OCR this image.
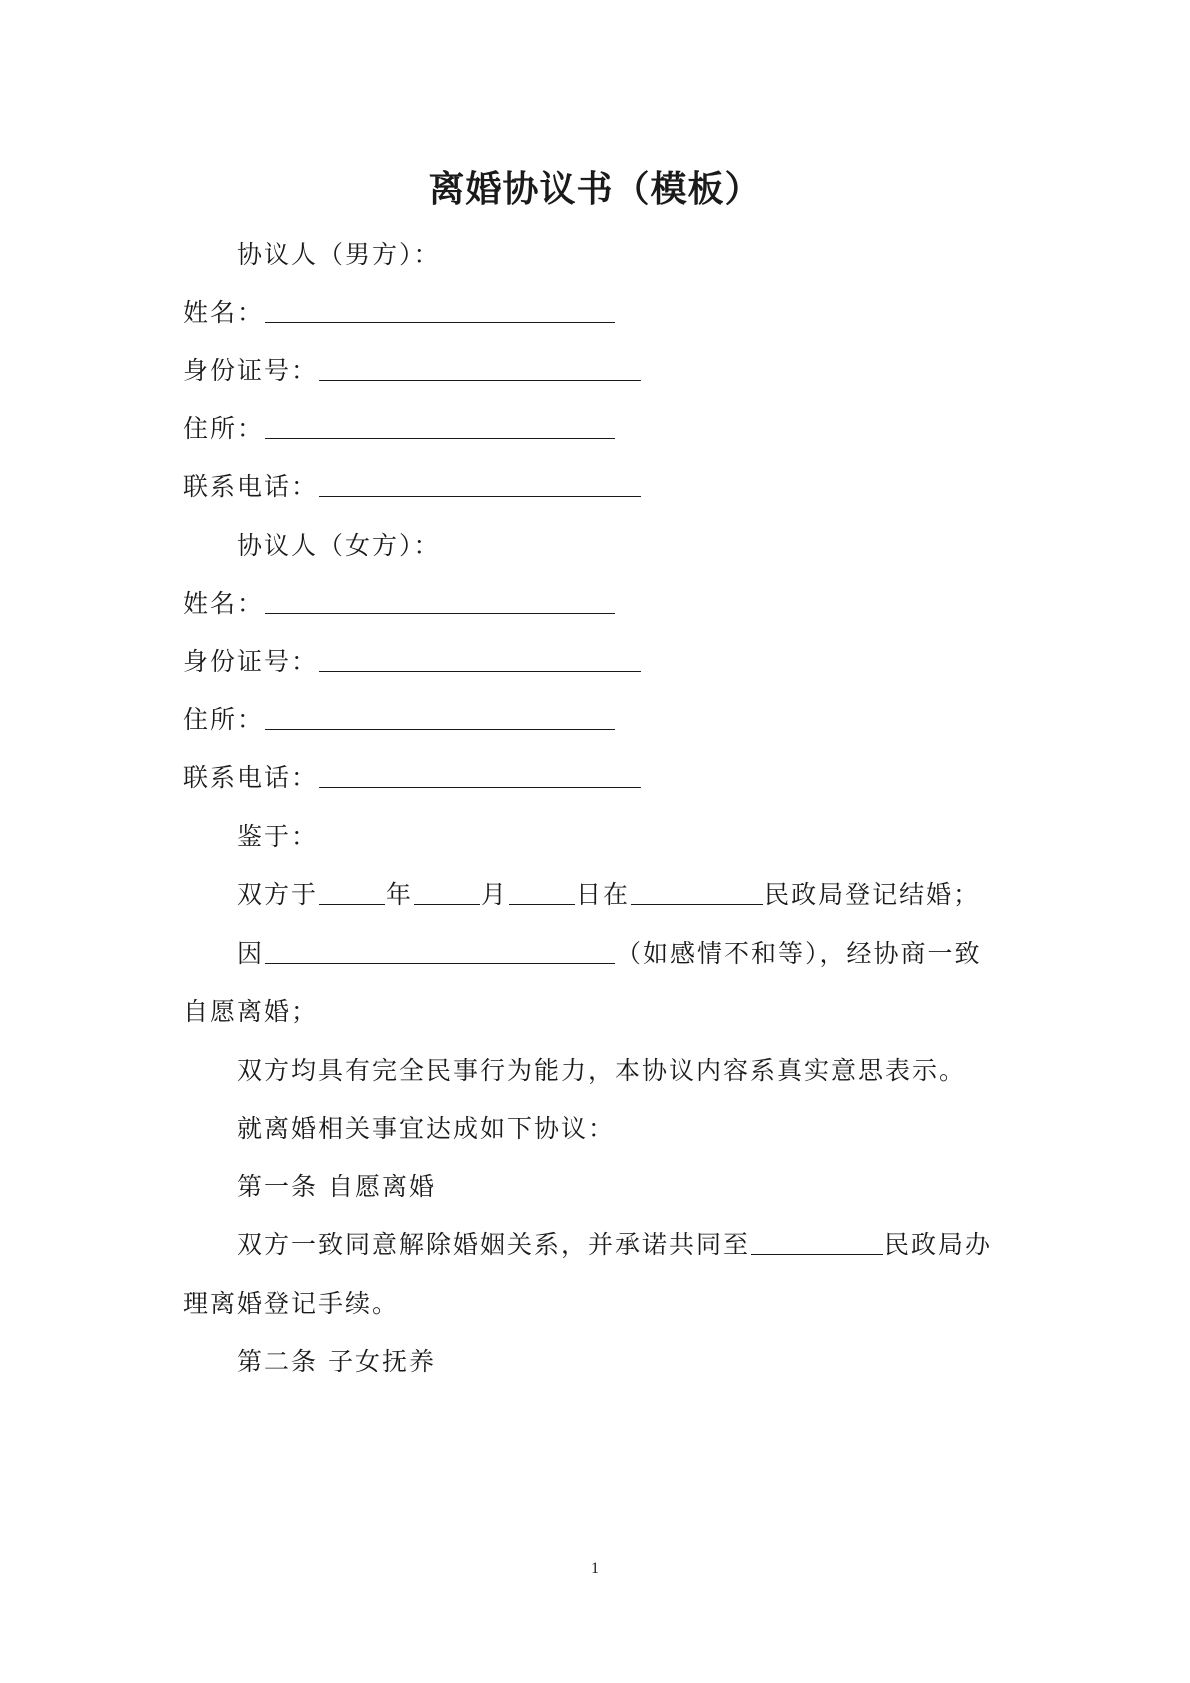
离婚协议书（模板）
协议人（男方）：
姓名：
身份证号：
住所：
联系电话：
协议人（女方）：
姓名：
身份证号：
住所：
联系电话：
鉴于：
双方于	年	月	日在	民政局登记结婚；
因	（如感情不和等），经协商一致
自愿离婚；
双方均具有完全民事行为能力，本协议内容系真实意思表示。
就离婚相关事宜达成如下协议：
第一条 自愿离婚
双方一致同意解除婚姻关系，并承诺共同至	民政局办
理离婚登记手续。
第二条 子女抚养
1
